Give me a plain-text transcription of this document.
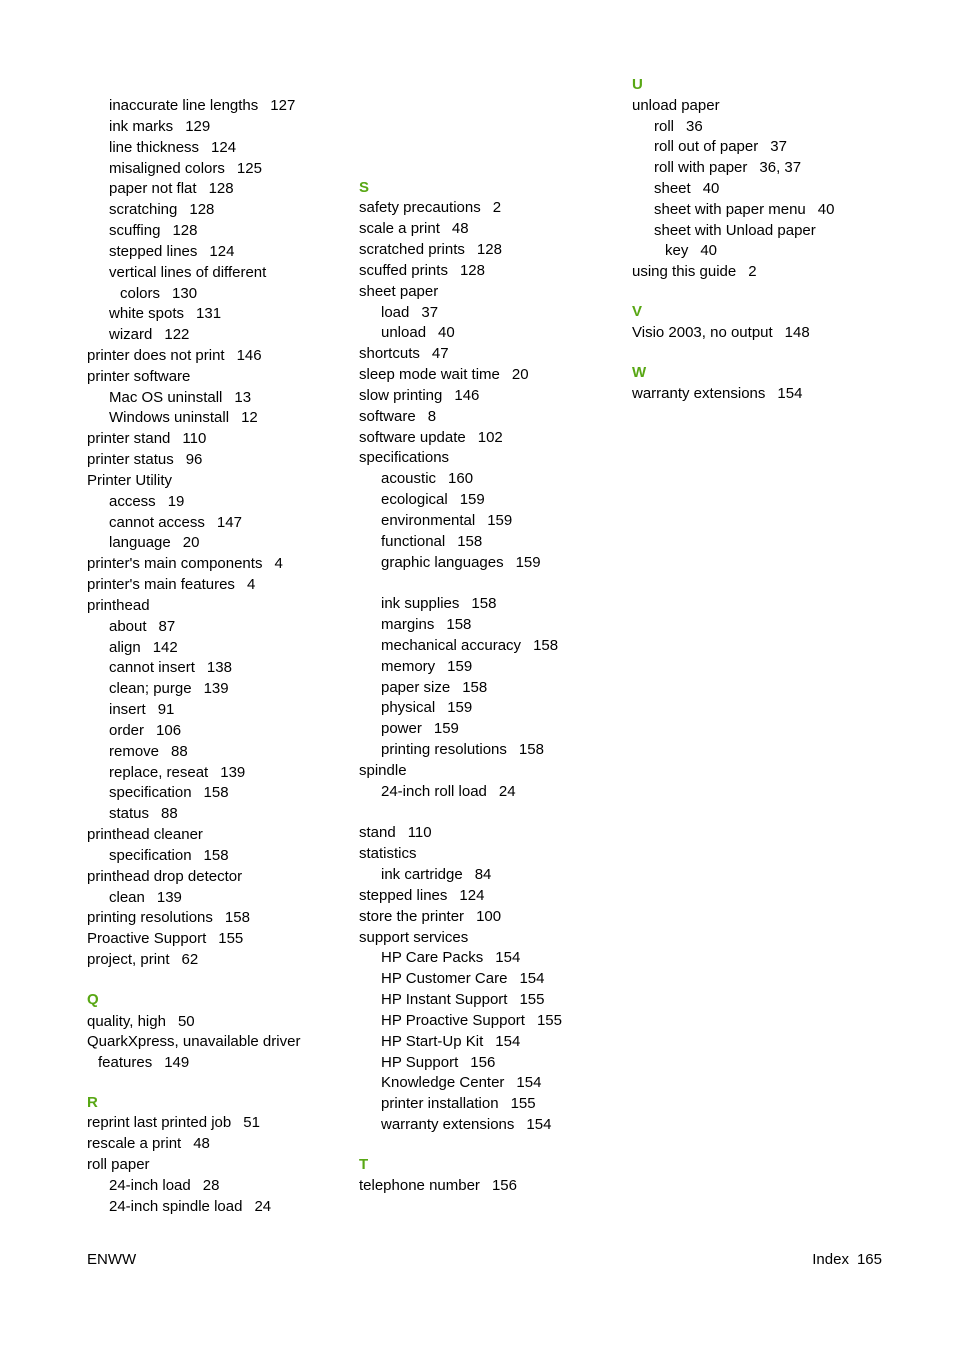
inaccurate line lengths 127
ink marks 129
line thickness 124
misaligned colors 125
paper not flat 128
scratching 128
scuffing 128
stepped lines 124
vertical lines of different
colors 130
white spots 131
wizard 122
printer does not print 146
printer software
Mac OS uninstall 13
Windows uninstall 12
printer stand 110
printer status 96
Printer Utility
access 19
cannot access 147
language 20
printer's main components 4
printer's main features 4
printhead
about 87
align 142
cannot insert 138
clean; purge 139
insert 91
order 106
remove 88
replace, reseat 139
specification 158
status 88
printhead cleaner
specification 158
printhead drop detector
clean 139
printing resolutions 158
Proactive Support 155
project, print 62
Q
quality, high 50
QuarkXpress, unavailable driver
features 149
R
reprint last printed job 51
rescale a print 48
roll paper
24-inch load 28
24-inch spindle load 24
S
safety precautions 2
scale a print 48
scratched prints 128
scuffed prints 128
sheet paper
load 37
unload 40
shortcuts 47
sleep mode wait time 20
slow printing 146
software 8
software update 102
specifications
acoustic 160
ecological 159
environmental 159
functional 158
graphic languages 159
ink supplies 158
margins 158
mechanical accuracy 158
memory 159
paper size 158
physical 159
power 159
printing resolutions 158
spindle
24-inch roll load 24
stand 110
statistics
ink cartridge 84
stepped lines 124
store the printer 100
support services
HP Care Packs 154
HP Customer Care 154
HP Instant Support 155
HP Proactive Support 155
HP Start-Up Kit 154
HP Support 156
Knowledge Center 154
printer installation 155
warranty extensions 154
T
telephone number 156
U
unload paper
roll 36
roll out of paper 37
roll with paper 36, 37
sheet 40
sheet with paper menu 40
sheet with Unload paper
key 40
using this guide 2
V
Visio 2003, no output 148
W
warranty extensions 154
ENWW	Index 165
